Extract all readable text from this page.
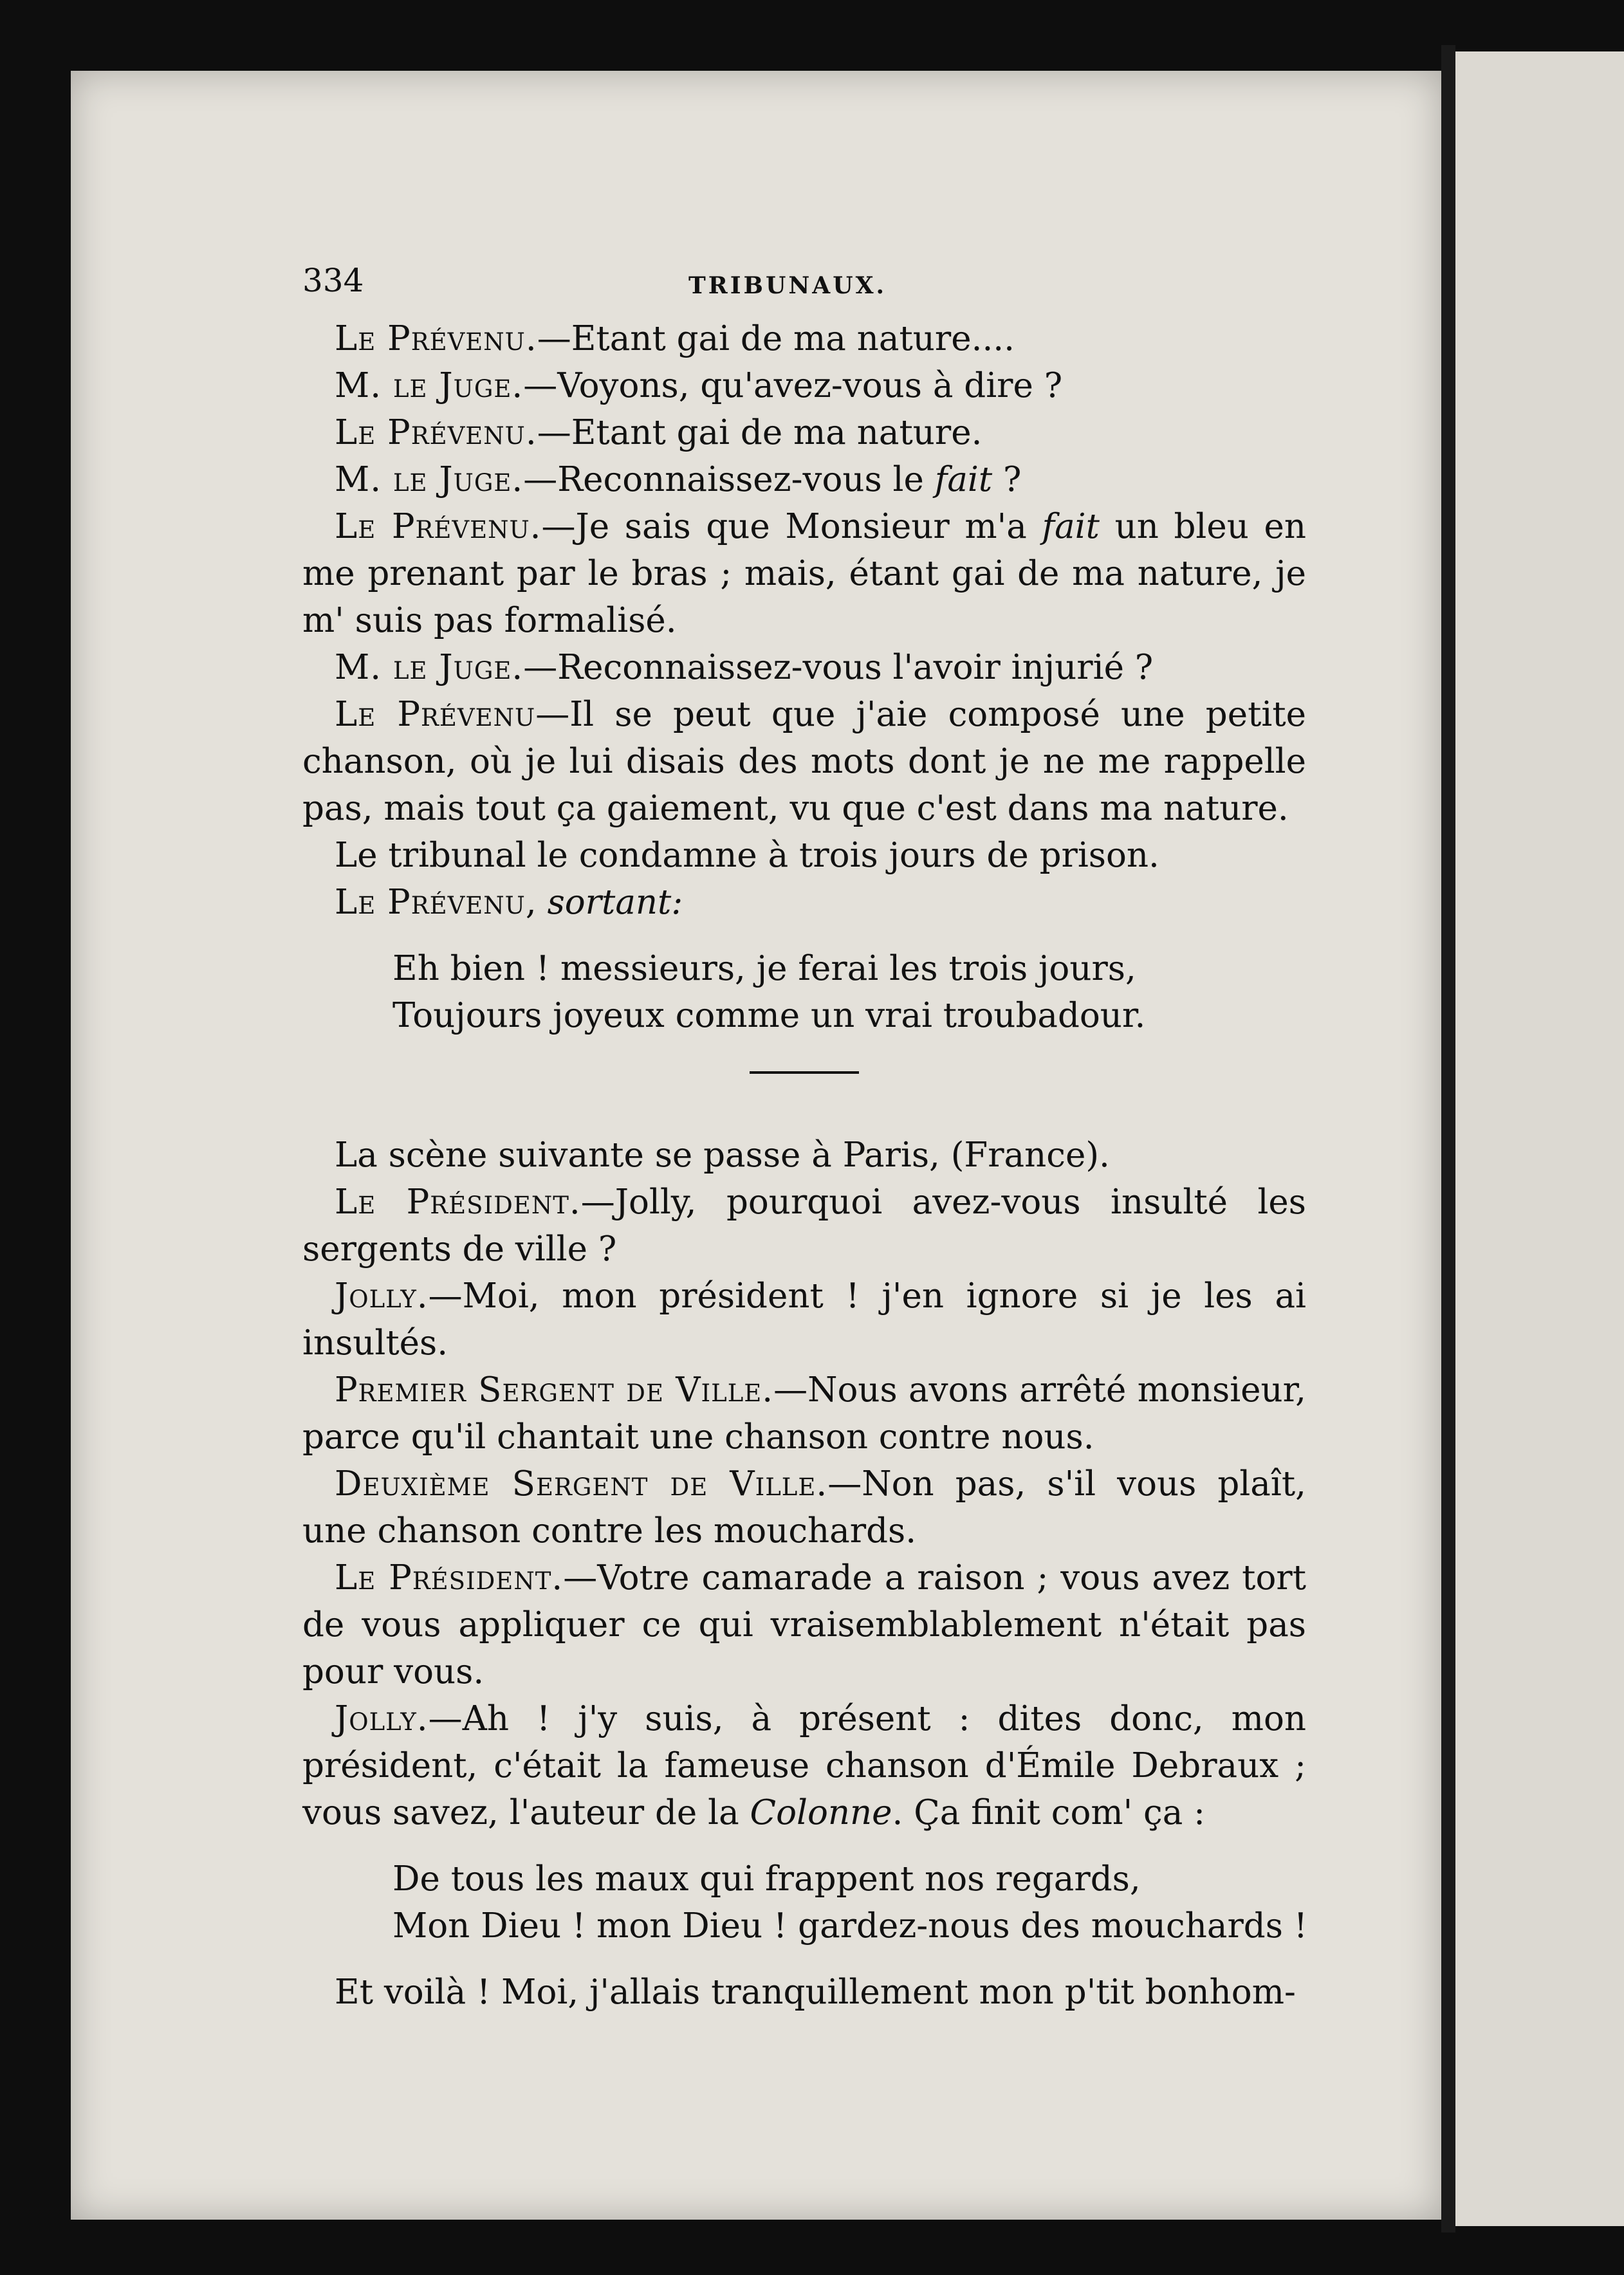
334	TRIBUNAUX.

Le Prévenu.—Etant gai de ma nature....

M. le Juge.—Voyons, qu'avez-vous à dire ?

Le Prévenu.—Etant gai de ma nature.

M. le Juge.—Reconnaissez-vous le fait ?

Le Prévenu.—Je sais que Monsieur m'a fait un bleu en me prenant par le bras ; mais, étant gai de ma nature, je m' suis pas formalisé.

M. le Juge.—Reconnaissez-vous l'avoir injurié ?

Le Prévenu—Il se peut que j'aie composé une petite chanson, où je lui disais des mots dont je ne me rappelle pas, mais tout ça gaiement, vu que c'est dans ma nature.

Le tribunal le condamne à trois jours de prison.

Le Prévenu, sortant:

Eh bien ! messieurs, je ferai les trois jours,
Toujours joyeux comme un vrai troubadour.

La scène suivante se passe à Paris, (France).

Le Président.—Jolly, pourquoi avez-vous insulté les sergents de ville ?

Jolly.—Moi, mon président ! j'en ignore si je les ai insultés.

Premier Sergent de Ville.—Nous avons arrêté monsieur, parce qu'il chantait une chanson contre nous.

Deuxième Sergent de Ville.—Non pas, s'il vous plaît, une chanson contre les mouchards.

Le Président.—Votre camarade a raison ; vous avez tort de vous appliquer ce qui vraisemblablement n'était pas pour vous.

Jolly.—Ah ! j'y suis, à présent : dites donc, mon président, c'était la fameuse chanson d'Émile Debraux ; vous savez, l'auteur de la Colonne. Ça finit com' ça :

De tous les maux qui frappent nos regards,
Mon Dieu ! mon Dieu ! gardez-nous des mouchards !

Et voilà ! Moi, j'allais tranquillement mon p'tit bonhom-
